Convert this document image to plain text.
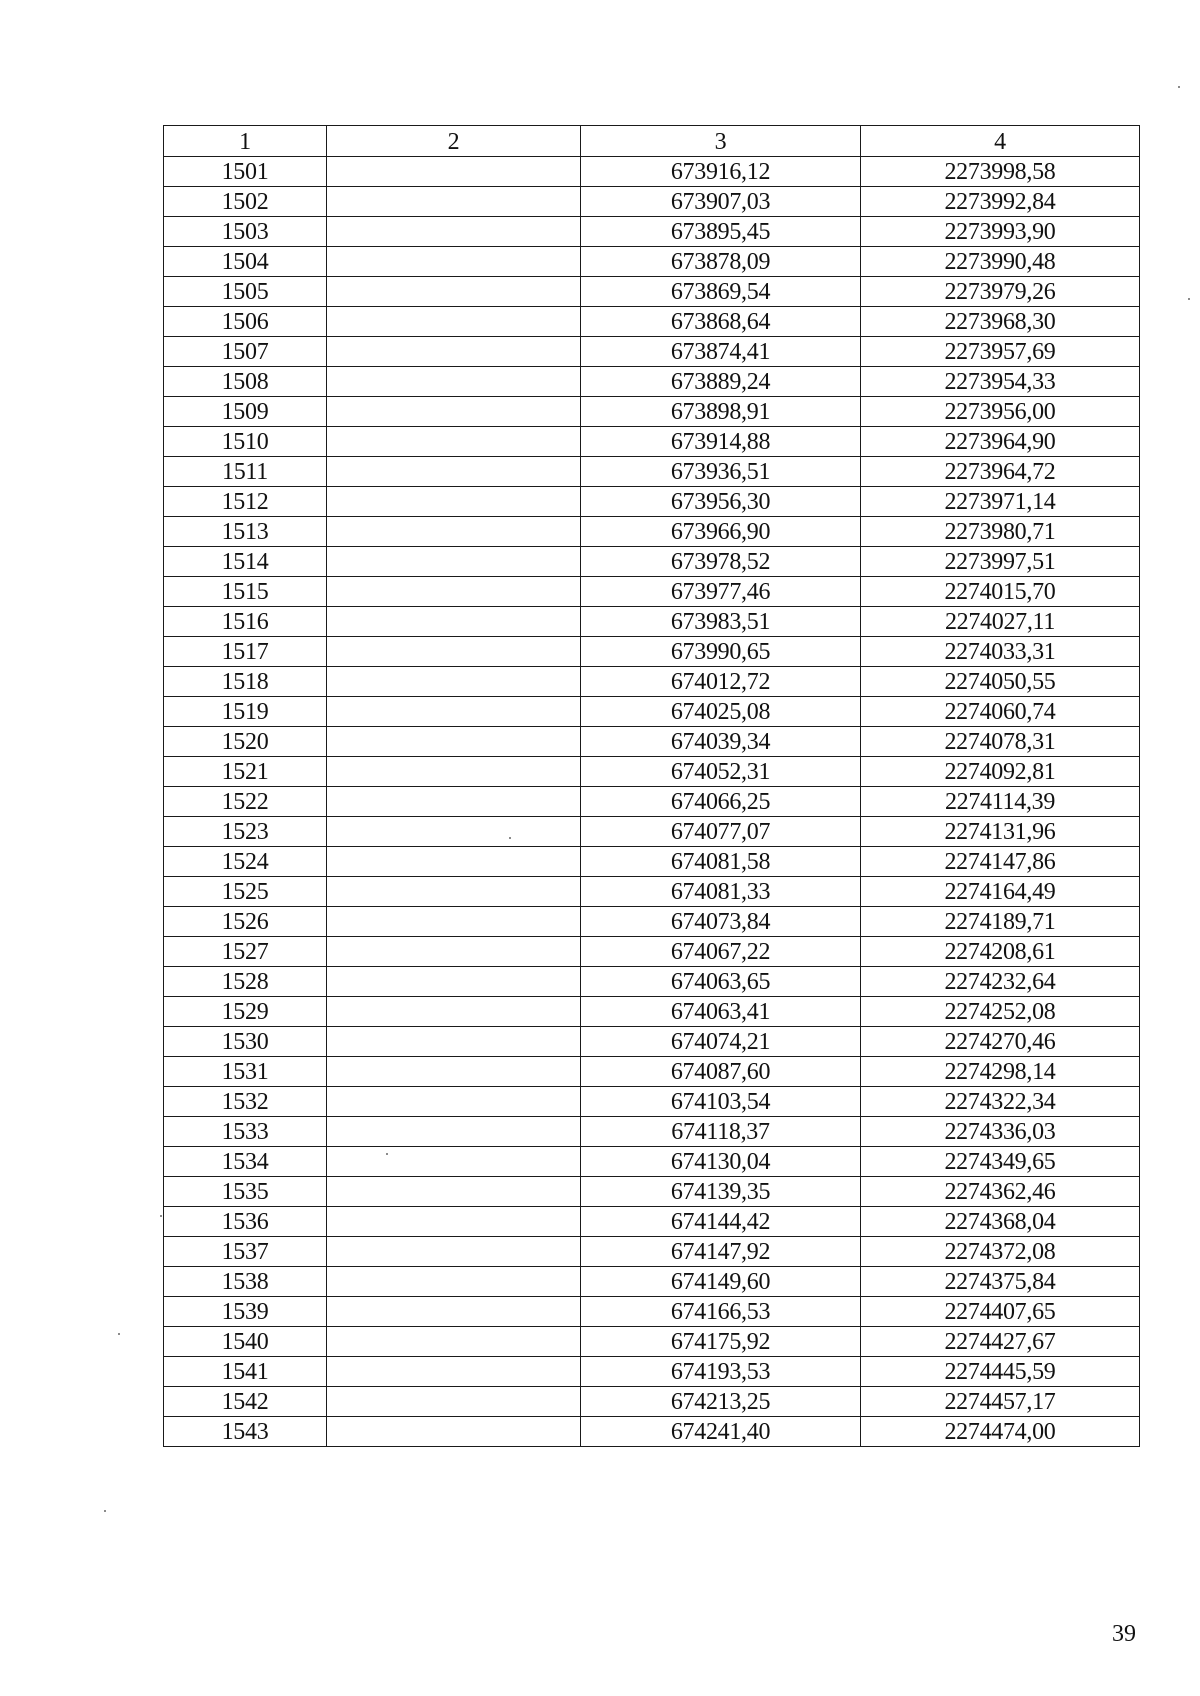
1	2	3	4
1501		673916,12	2273998,58
1502		673907,03	2273992,84
1503		673895,45	2273993,90
1504		673878,09	2273990,48
1505		673869,54	2273979,26
1506		673868,64	2273968,30
1507		673874,41	2273957,69
1508		673889,24	2273954,33
1509		673898,91	2273956,00
1510		673914,88	2273964,90
1511		673936,51	2273964,72
1512		673956,30	2273971,14
1513		673966,90	2273980,71
1514		673978,52	2273997,51
1515		673977,46	2274015,70
1516		673983,51	2274027,11
1517		673990,65	2274033,31
1518		674012,72	2274050,55
1519		674025,08	2274060,74
1520		674039,34	2274078,31
1521		674052,31	2274092,81
1522		674066,25	2274114,39
1523		674077,07	2274131,96
1524		674081,58	2274147,86
1525		674081,33	2274164,49
1526		674073,84	2274189,71
1527		674067,22	2274208,61
1528		674063,65	2274232,64
1529		674063,41	2274252,08
1530		674074,21	2274270,46
1531		674087,60	2274298,14
1532		674103,54	2274322,34
1533		674118,37	2274336,03
1534		674130,04	2274349,65
1535		674139,35	2274362,46
1536		674144,42	2274368,04
1537		674147,92	2274372,08
1538		674149,60	2274375,84
1539		674166,53	2274407,65
1540		674175,92	2274427,67
1541		674193,53	2274445,59
1542		674213,25	2274457,17
1543		674241,40	2274474,00
39
